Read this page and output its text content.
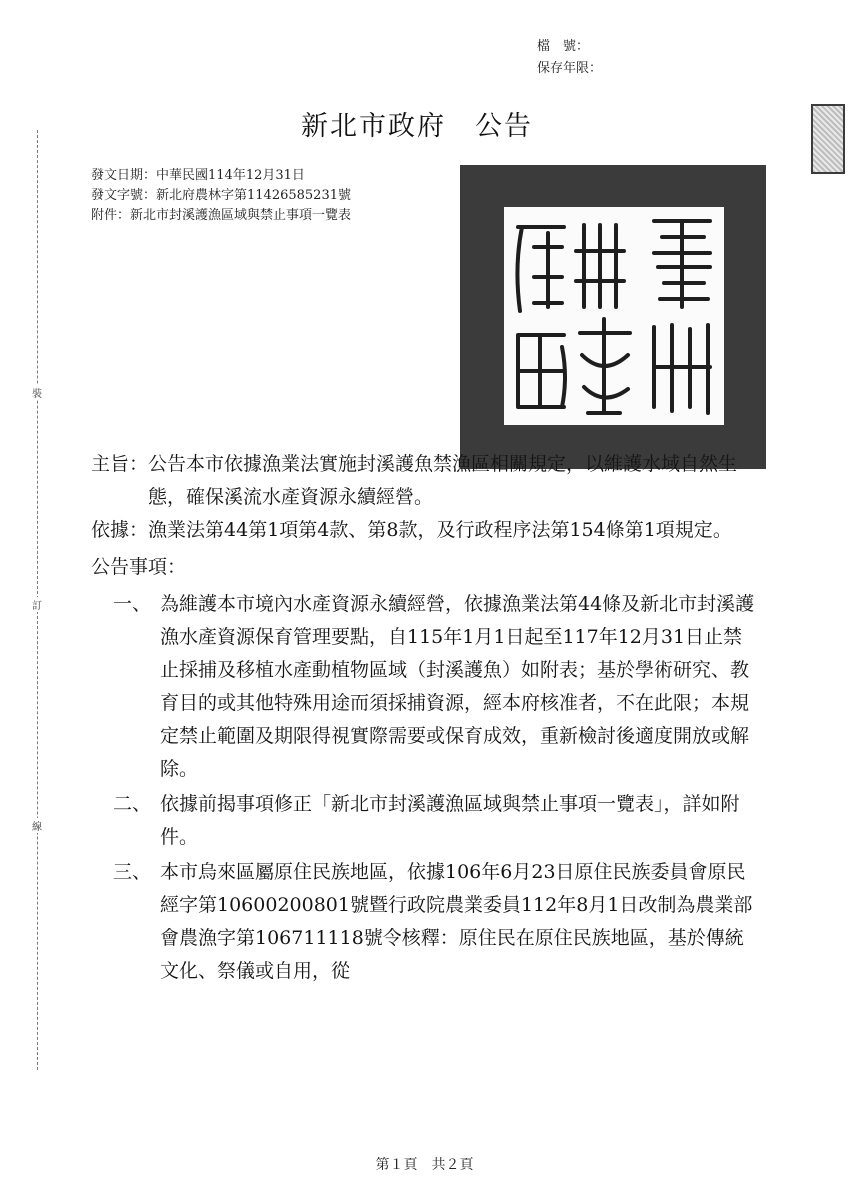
裝
訂
線
檔　號：
保存年限：
新北市政府　公告
發文日期：中華民國114年12月31日
發文字號：新北府農林字第11426585231號
附件： 新北市封溪護漁區域與禁止事項一覽表
主旨： 公告本市依據漁業法實施封溪護魚禁漁區相關規定，以維護水域自然生態，確保溪流水產資源永續經營。
依據： 漁業法第44第1項第4款、第8款，及行政程序法第154條第1項規定。
公告事項：
一、 為維護本市境內水產資源永續經營，依據漁業法第44條及新北市封溪護漁水產資源保育管理要點，自115年1月1日起至117年12月31日止禁止採捕及移植水產動植物區域（封溪護魚）如附表；基於學術研究、教育目的或其他特殊用途而須採捕資源，經本府核准者，不在此限；本規定禁止範圍及期限得視實際需要或保育成效，重新檢討後適度開放或解除。
二、 依據前揭事項修正「新北市封溪護漁區域與禁止事項一覽表」，詳如附件。
三、 本市烏來區屬原住民族地區，依據106年6月23日原住民族委員會原民經字第10600200801號暨行政院農業委員112年8月1日改制為農業部會農漁字第106711118號令核釋：原住民在原住民族地區，基於傳統文化、祭儀或自用，從
第１頁　共２頁
